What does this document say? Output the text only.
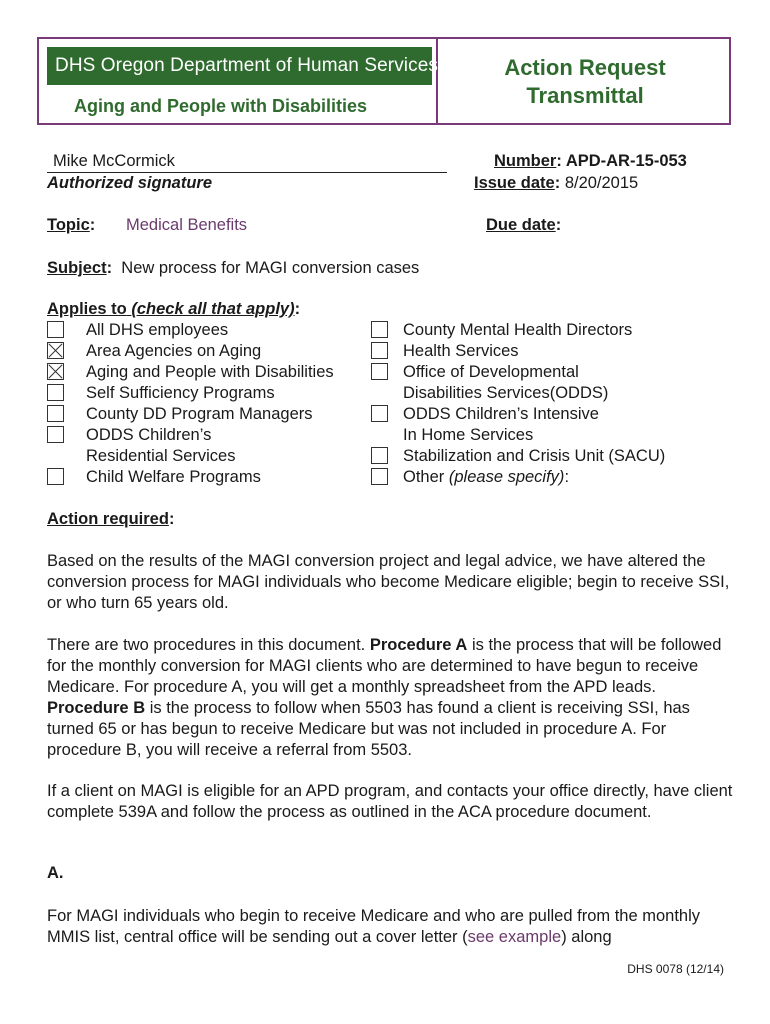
DHS Oregon Department of Human Services
Aging and People with Disabilities
Action Request
Transmittal
Mike McCormick
Authorized signature
Number: APD-AR-15-053
Issue date: 8/20/2015
Topic: Medical Benefits	Due date:
Subject: New process for MAGI conversion cases
Applies to (check all that apply):
All DHS employees
Area Agencies on Aging
Aging and People with Disabilities
Self Sufficiency Programs
County DD Program Managers
ODDS Children’s
Residential Services
Child Welfare Programs
County Mental Health Directors
Health Services
Office of Developmental
Disabilities Services(ODDS)
ODDS Children’s Intensive
In Home Services
Stabilization and Crisis Unit (SACU)
Other (please specify):
Action required:
Based on the results of the MAGI conversion project and legal advice, we have altered the conversion process for MAGI individuals who become Medicare eligible; begin to receive SSI, or who turn 65 years old.
There are two procedures in this document. Procedure A is the process that will be followed for the monthly conversion for MAGI clients who are determined to have begun to receive Medicare. For procedure A, you will get a monthly spreadsheet from the APD leads. Procedure B is the process to follow when 5503 has found a client is receiving SSI, has turned 65 or has begun to receive Medicare but was not included in procedure A. For procedure B, you will receive a referral from 5503.
If a client on MAGI is eligible for an APD program, and contacts your office directly, have client complete 539A and follow the process as outlined in the ACA procedure document.
A.
For MAGI individuals who begin to receive Medicare and who are pulled from the monthly MMIS list, central office will be sending out a cover letter (see example) along
DHS 0078 (12/14)
